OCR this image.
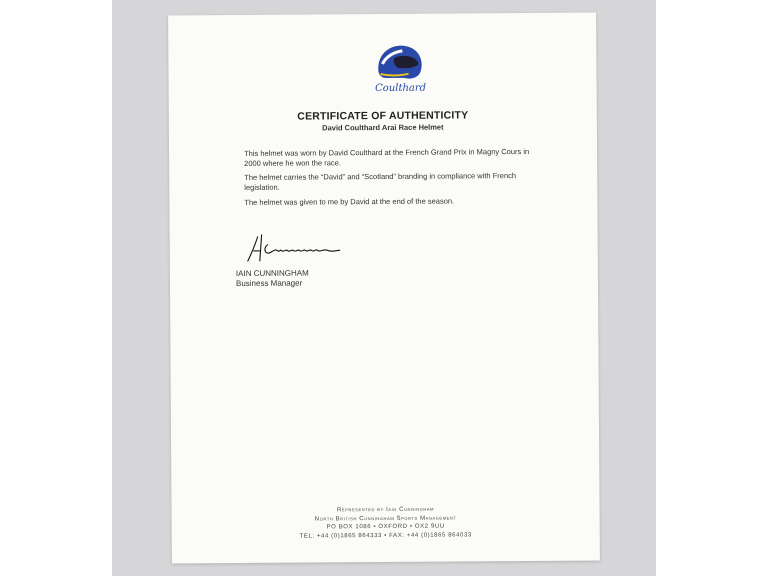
Coulthard
CERTIFICATE OF AUTHENTICITY
David Coulthard Arai Race Helmet
This helmet was worn by David Coulthard at the French Grand Prix in Magny Cours in 2000 where he won the race.
The helmet carries the “David” and “Scotland” branding in compliance with French legislation.
The helmet was given to me by David at the end of the season.
IAIN CUNNINGHAM
Business Manager
Represented by Iain Cunningham
North British Cunningham Sports Management
PO BOX 1086 • OXFORD • OX2 9UU
TEL: +44 (0)1865 864333 • FAX: +44 (0)1865 864033
